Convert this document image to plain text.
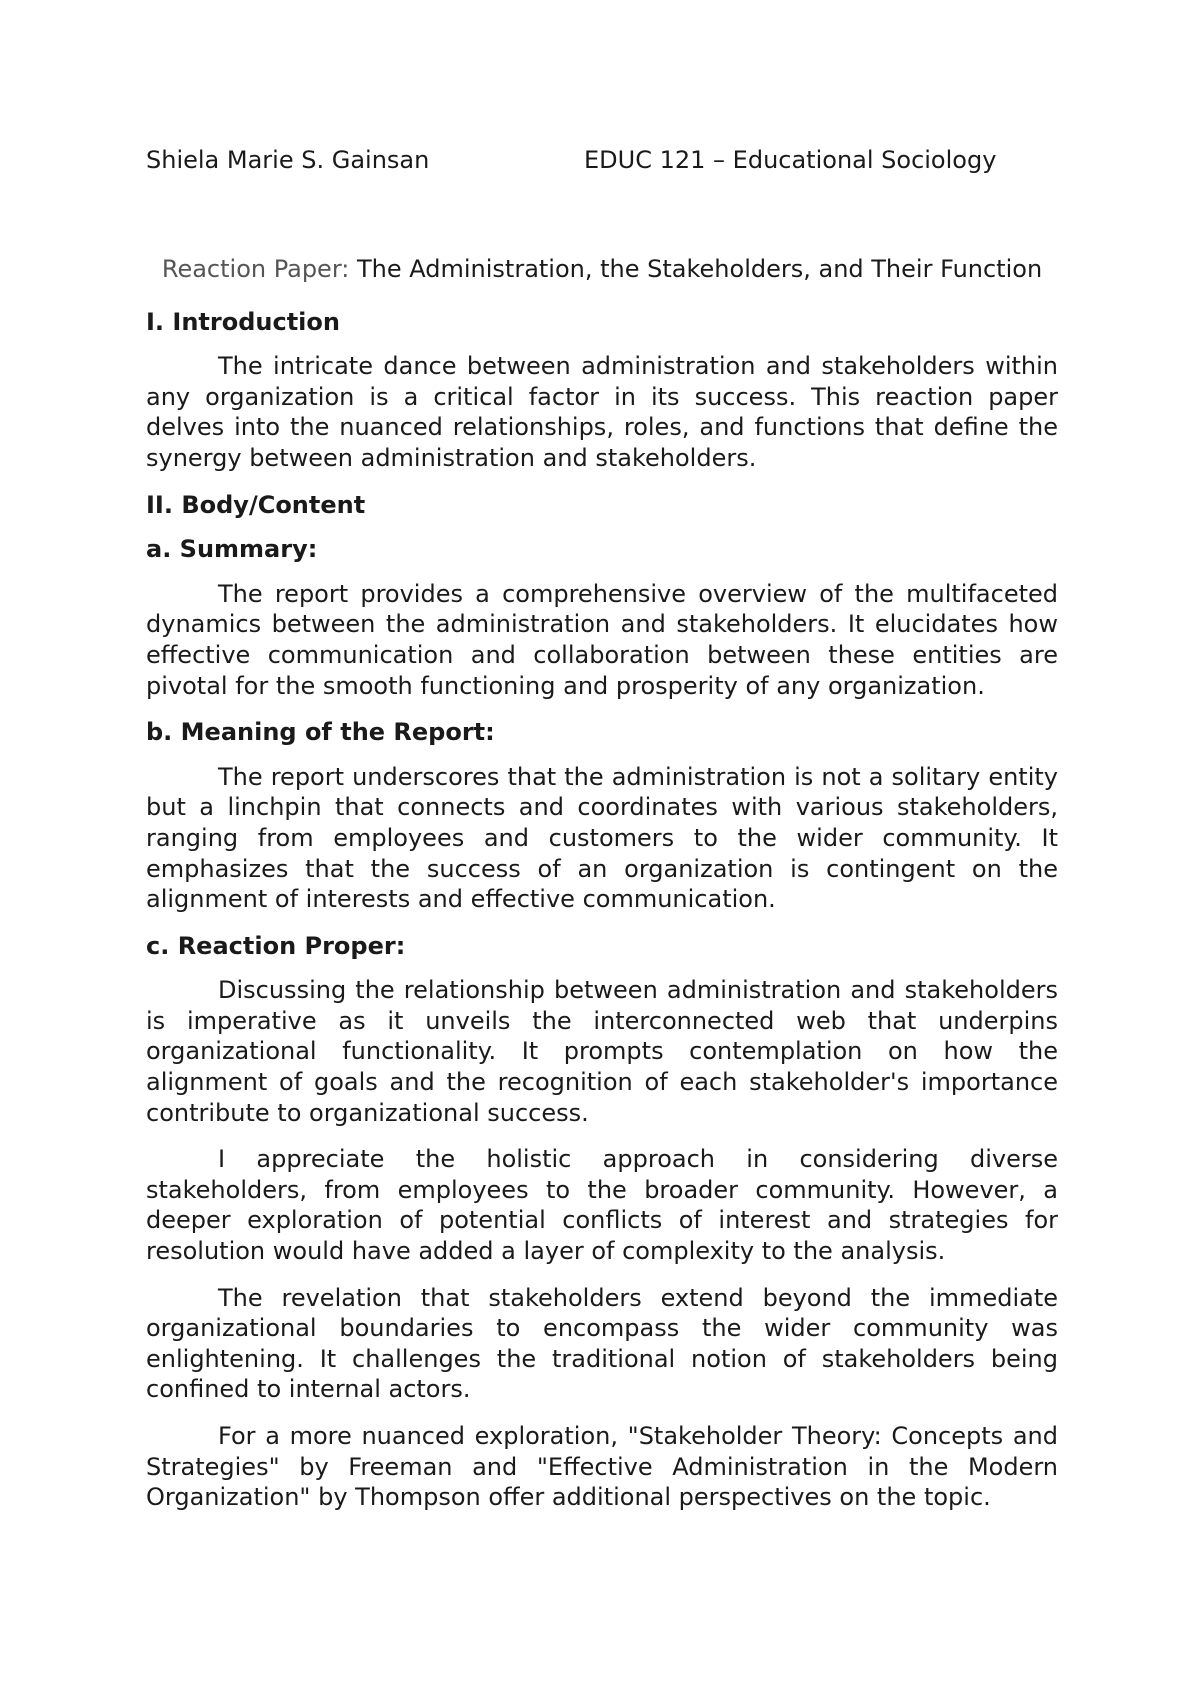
Shiela Marie S. Gainsan	EDUC 121 – Educational Sociology
Reaction Paper: The Administration, the Stakeholders, and Their Function
I. Introduction

The intricate dance between administration and stakeholders within any organization is a critical factor in its success. This reaction paper delves into the nuanced relationships, roles, and functions that define the synergy between administration and stakeholders.

II. Body/Content
a. Summary:

The report provides a comprehensive overview of the multifaceted dynamics between the administration and stakeholders. It elucidates how effective communication and collaboration between these entities are pivotal for the smooth functioning and prosperity of any organization.

b. Meaning of the Report:

The report underscores that the administration is not a solitary entity but a linchpin that connects and coordinates with various stakeholders, ranging from employees and customers to the wider community. It emphasizes that the success of an organization is contingent on the alignment of interests and effective communication.

c. Reaction Proper:

Discussing the relationship between administration and stakeholders is imperative as it unveils the interconnected web that underpins organizational functionality. It prompts contemplation on how the alignment of goals and the recognition of each stakeholder's importance contribute to organizational success.

I appreciate the holistic approach in considering diverse stakeholders, from employees to the broader community. However, a deeper exploration of potential conflicts of interest and strategies for resolution would have added a layer of complexity to the analysis.

The revelation that stakeholders extend beyond the immediate organizational boundaries to encompass the wider community was enlightening. It challenges the traditional notion of stakeholders being confined to internal actors.

For a more nuanced exploration, "Stakeholder Theory: Concepts and Strategies" by Freeman and "Effective Administration in the Modern Organization" by Thompson offer additional perspectives on the topic.
